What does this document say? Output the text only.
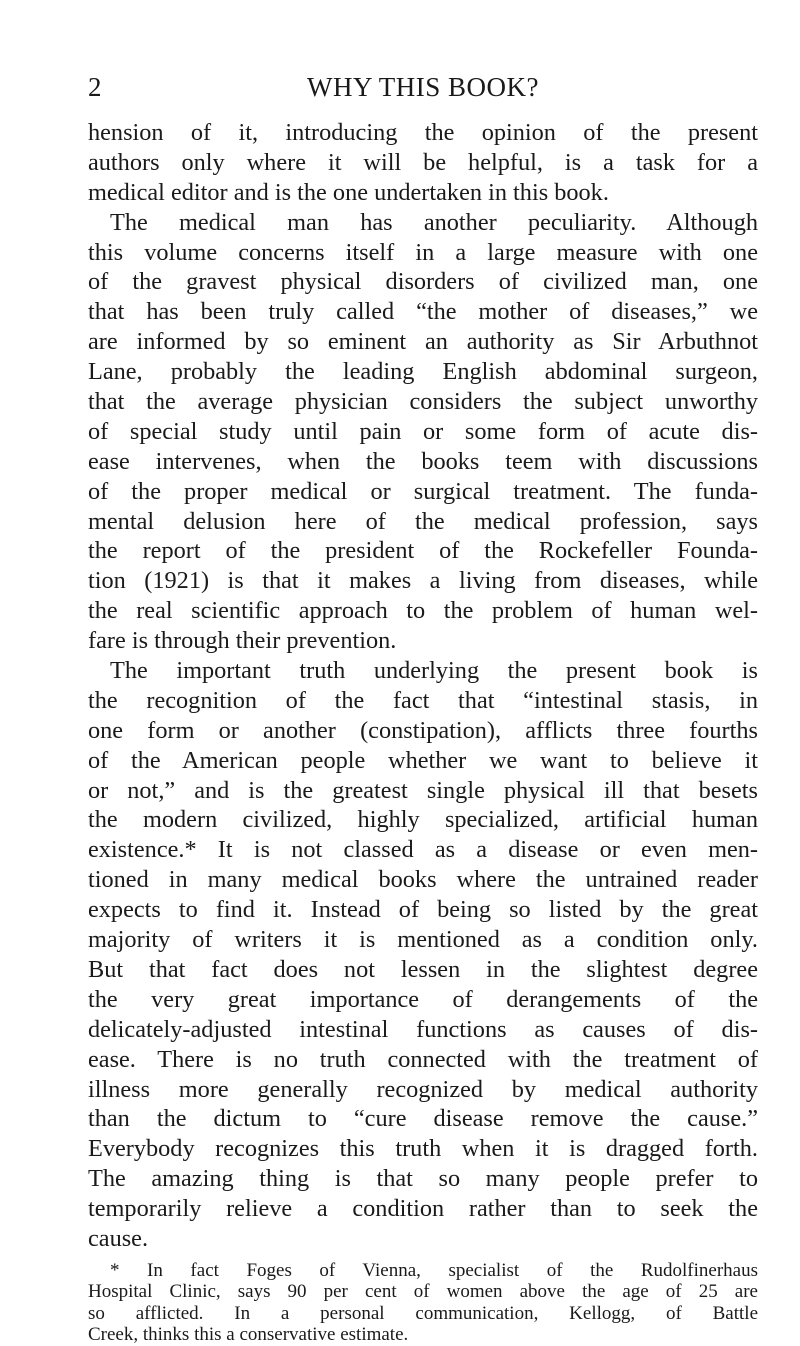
2	WHY THIS BOOK?
hension of it, introducing the opinion of the present
authors only where it will be helpful, is a task for a
medical editor and is the one undertaken in this book.
The medical man has another peculiarity. Although
this volume concerns itself in a large measure with one
of the gravest physical disorders of civilized man, one
that has been truly called “the mother of diseases,” we
are informed by so eminent an authority as Sir Arbuthnot
Lane, probably the leading English abdominal surgeon,
that the average physician considers the subject unworthy
of special study until pain or some form of acute dis-
ease intervenes, when the books teem with discussions
of the proper medical or surgical treatment. The funda-
mental delusion here of the medical profession, says
the report of the president of the Rockefeller Founda-
tion (1921) is that it makes a living from diseases, while
the real scientific approach to the problem of human wel-
fare is through their prevention.
The important truth underlying the present book is
the recognition of the fact that “intestinal stasis, in
one form or another (constipation), afflicts three fourths
of the American people whether we want to believe it
or not,” and is the greatest single physical ill that besets
the modern civilized, highly specialized, artificial human
existence.* It is not classed as a disease or even men-
tioned in many medical books where the untrained reader
expects to find it. Instead of being so listed by the great
majority of writers it is mentioned as a condition only.
But that fact does not lessen in the slightest degree
the very great importance of derangements of the
delicately-adjusted intestinal functions as causes of dis-
ease. There is no truth connected with the treatment of
illness more generally recognized by medical authority
than the dictum to “cure disease remove the cause.”
Everybody recognizes this truth when it is dragged forth.
The amazing thing is that so many people prefer to
temporarily relieve a condition rather than to seek the
cause.
* In fact Foges of Vienna, specialist of the Rudolfinerhaus
Hospital Clinic, says 90 per cent of women above the age of 25 are
so afflicted. In a personal communication, Kellogg, of Battle
Creek, thinks this a conservative estimate.
